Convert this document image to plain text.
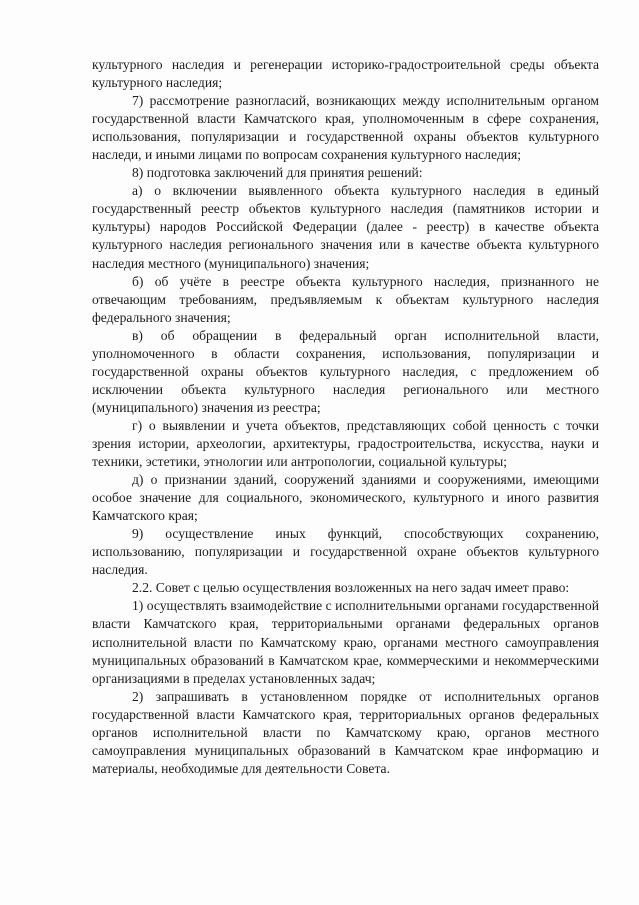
культурного наследия и регенерации историко-градостроительной среды объекта культурного наследия;

7) рассмотрение разногласий, возникающих между исполнительным органом государственной власти Камчатского края, уполномоченным в сфере сохранения, использования, популяризации и государственной охраны объектов культурного наследи, и иными лицами по вопросам сохранения культурного наследия;

8) подготовка заключений для принятия решений:

а) о включении выявленного объекта культурного наследия в единый государственный реестр объектов культурного наследия (памятников истории и культуры) народов Российской Федерации (далее - реестр) в качестве объекта культурного наследия регионального значения или в качестве объекта культурного наследия местного (муниципального) значения;

б) об учёте в реестре объекта культурного наследия, признанного не отвечающим требованиям, предъявляемым к объектам культурного наследия федерального значения;

в) об обращении в федеральный орган исполнительной власти, уполномоченного в области сохранения, использования, популяризации и государственной охраны объектов культурного наследия, с предложением об исключении объекта культурного наследия регионального или местного (муниципального) значения из реестра;

г) о выявлении и учета объектов, представляющих собой ценность с точки зрения истории, археологии, архитектуры, градостроительства, искусства, науки и техники, эстетики, этнологии или антропологии, социальной культуры;

д) о признании зданий, сооружений зданиями и сооружениями, имеющими особое значение для социального, экономического, культурного и иного развития Камчатского края;

9) осуществление иных функций, способствующих сохранению, использованию, популяризации и государственной охране объектов культурного наследия.

2.2. Совет с целью осуществления возложенных на него задач имеет право:

1) осуществлять взаимодействие с исполнительными органами государственной власти Камчатского края, территориальными органами федеральных органов исполнительной власти по Камчатскому краю, органами местного самоуправления муниципальных образований в Камчатском крае, коммерческими и некоммерческими организациями в пределах установленных задач;

2) запрашивать в установленном порядке от исполнительных органов государственной власти Камчатского края, территориальных органов федеральных органов исполнительной власти по Камчатскому краю, органов местного самоуправления муниципальных образований в Камчатском крае информацию и материалы, необходимые для деятельности Совета.
